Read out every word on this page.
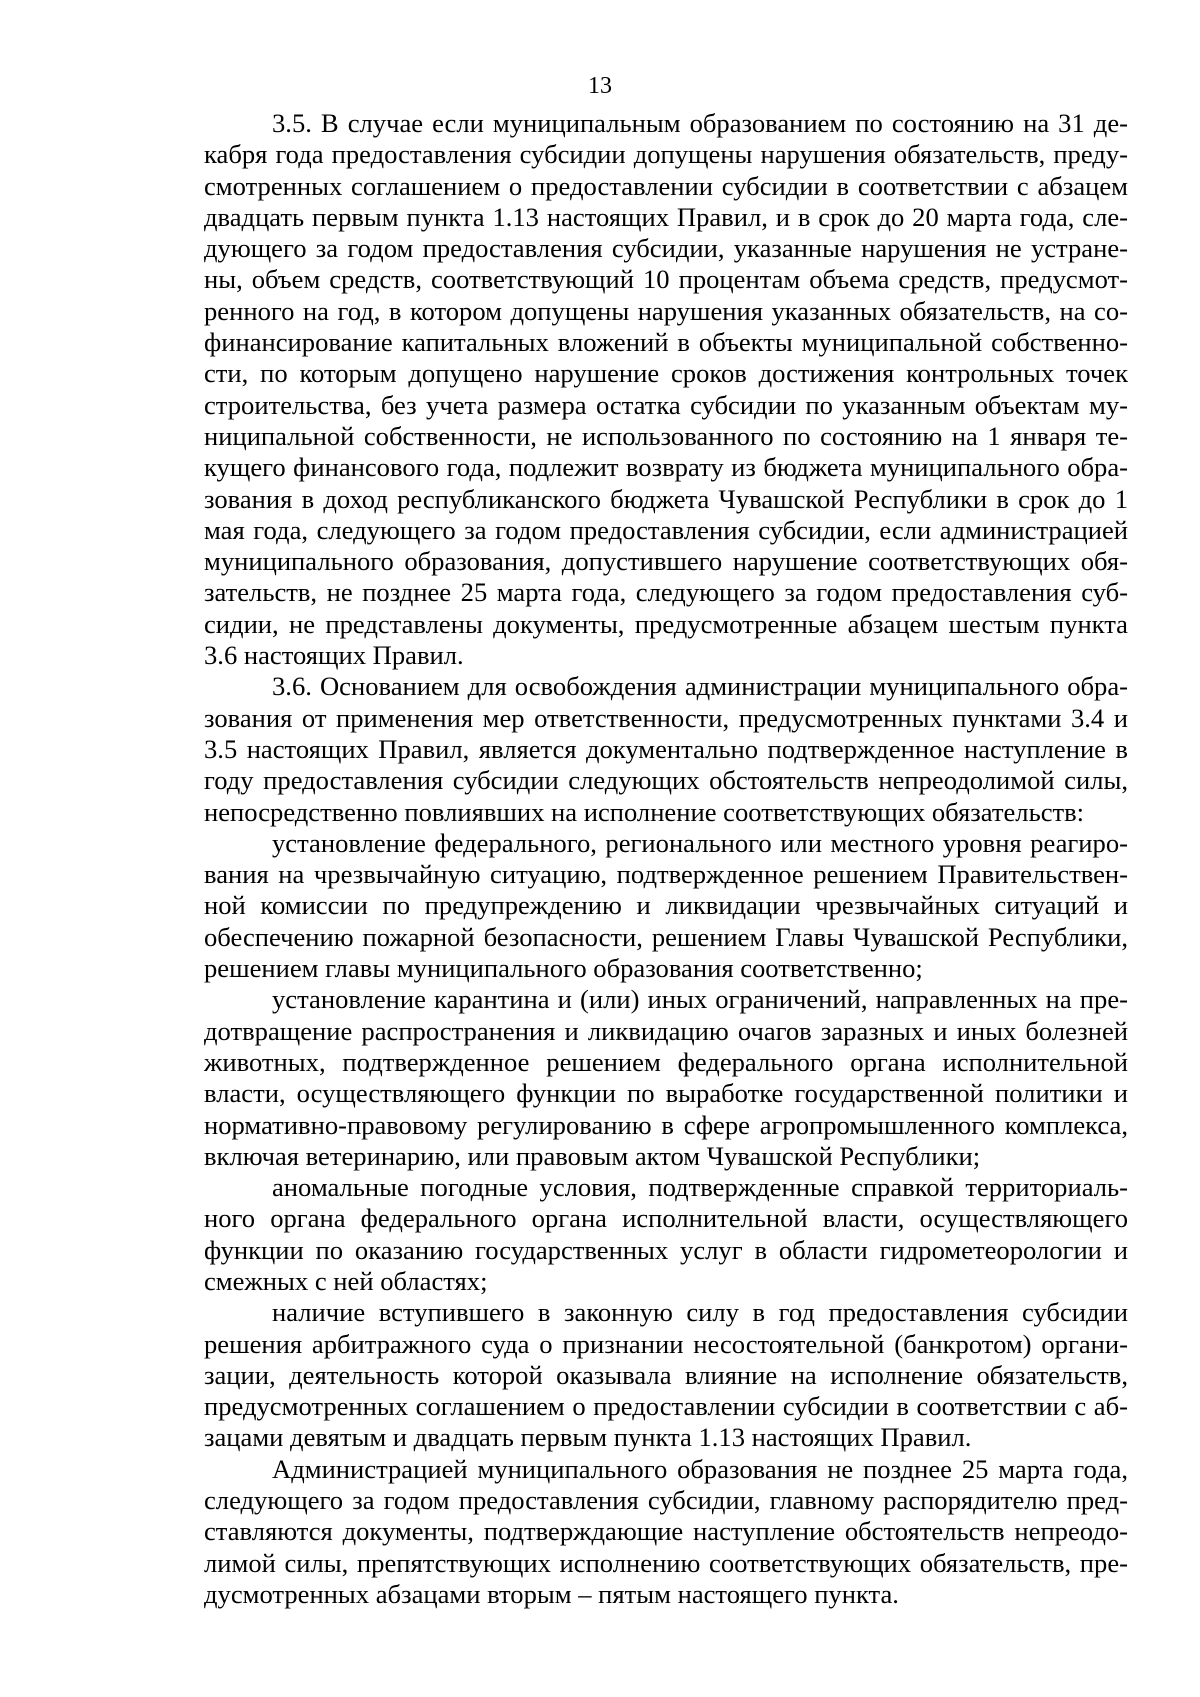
13

3.5. В случае если муниципальным образованием по состоянию на 31 декабря года предоставления субсидии допущены нарушения обязательств, предусмотренных соглашением о предоставлении субсидии в соответствии с абзацем двадцать первым пункта 1.13 настоящих Правил, и в срок до 20 марта года, следующего за годом предоставления субсидии, указанные нарушения не устранены, объем средств, соответствующий 10 процентам объема средств, предусмотренного на год, в котором допущены нарушения указанных обязательств, на софинансирование капитальных вложений в объекты муниципальной собственности, по которым допущено нарушение сроков достижения контрольных точек строительства, без учета размера остатка субсидии по указанным объектам муниципальной собственности, не использованного по состоянию на 1 января текущего финансового года, подлежит возврату из бюджета муниципального образования в доход республиканского бюджета Чувашской Республики в срок до 1 мая года, следующего за годом предоставления субсидии, если администрацией муниципального образования, допустившего нарушение соответствующих обязательств, не позднее 25 марта года, следующего за годом предоставления субсидии, не представлены документы, предусмотренные абзацем шестым пункта 3.6 настоящих Правил.

3.6. Основанием для освобождения администрации муниципального образования от применения мер ответственности, предусмотренных пунктами 3.4 и 3.5 настоящих Правил, является документально подтвержденное наступление в году предоставления субсидии следующих обстоятельств непреодолимой силы, непосредственно повлиявших на исполнение соответствующих обязательств:

установление федерального, регионального или местного уровня реагирования на чрезвычайную ситуацию, подтвержденное решением Правительственной комиссии по предупреждению и ликвидации чрезвычайных ситуаций и обеспечению пожарной безопасности, решением Главы Чувашской Республики, решением главы муниципального образования соответственно;

установление карантина и (или) иных ограничений, направленных на предотвращение распространения и ликвидацию очагов заразных и иных болезней животных, подтвержденное решением федерального органа исполнительной власти, осуществляющего функции по выработке государственной политики и нормативно-правовому регулированию в сфере агропромышленного комплекса, включая ветеринарию, или правовым актом Чувашской Республики;

аномальные погодные условия, подтвержденные справкой территориального органа федерального органа исполнительной власти, осуществляющего функции по оказанию государственных услуг в области гидрометеорологии и смежных с ней областях;

наличие вступившего в законную силу в год предоставления субсидии решения арбитражного суда о признании несостоятельной (банкротом) организации, деятельность которой оказывала влияние на исполнение обязательств, предусмотренных соглашением о предоставлении субсидии в соответствии с абзацами девятым и двадцать первым пункта 1.13 настоящих Правил.

Администрацией муниципального образования не позднее 25 марта года, следующего за годом предоставления субсидии, главному распорядителю представляются документы, подтверждающие наступление обстоятельств непреодолимой силы, препятствующих исполнению соответствующих обязательств, предусмотренных абзацами вторым – пятым настоящего пункта.
